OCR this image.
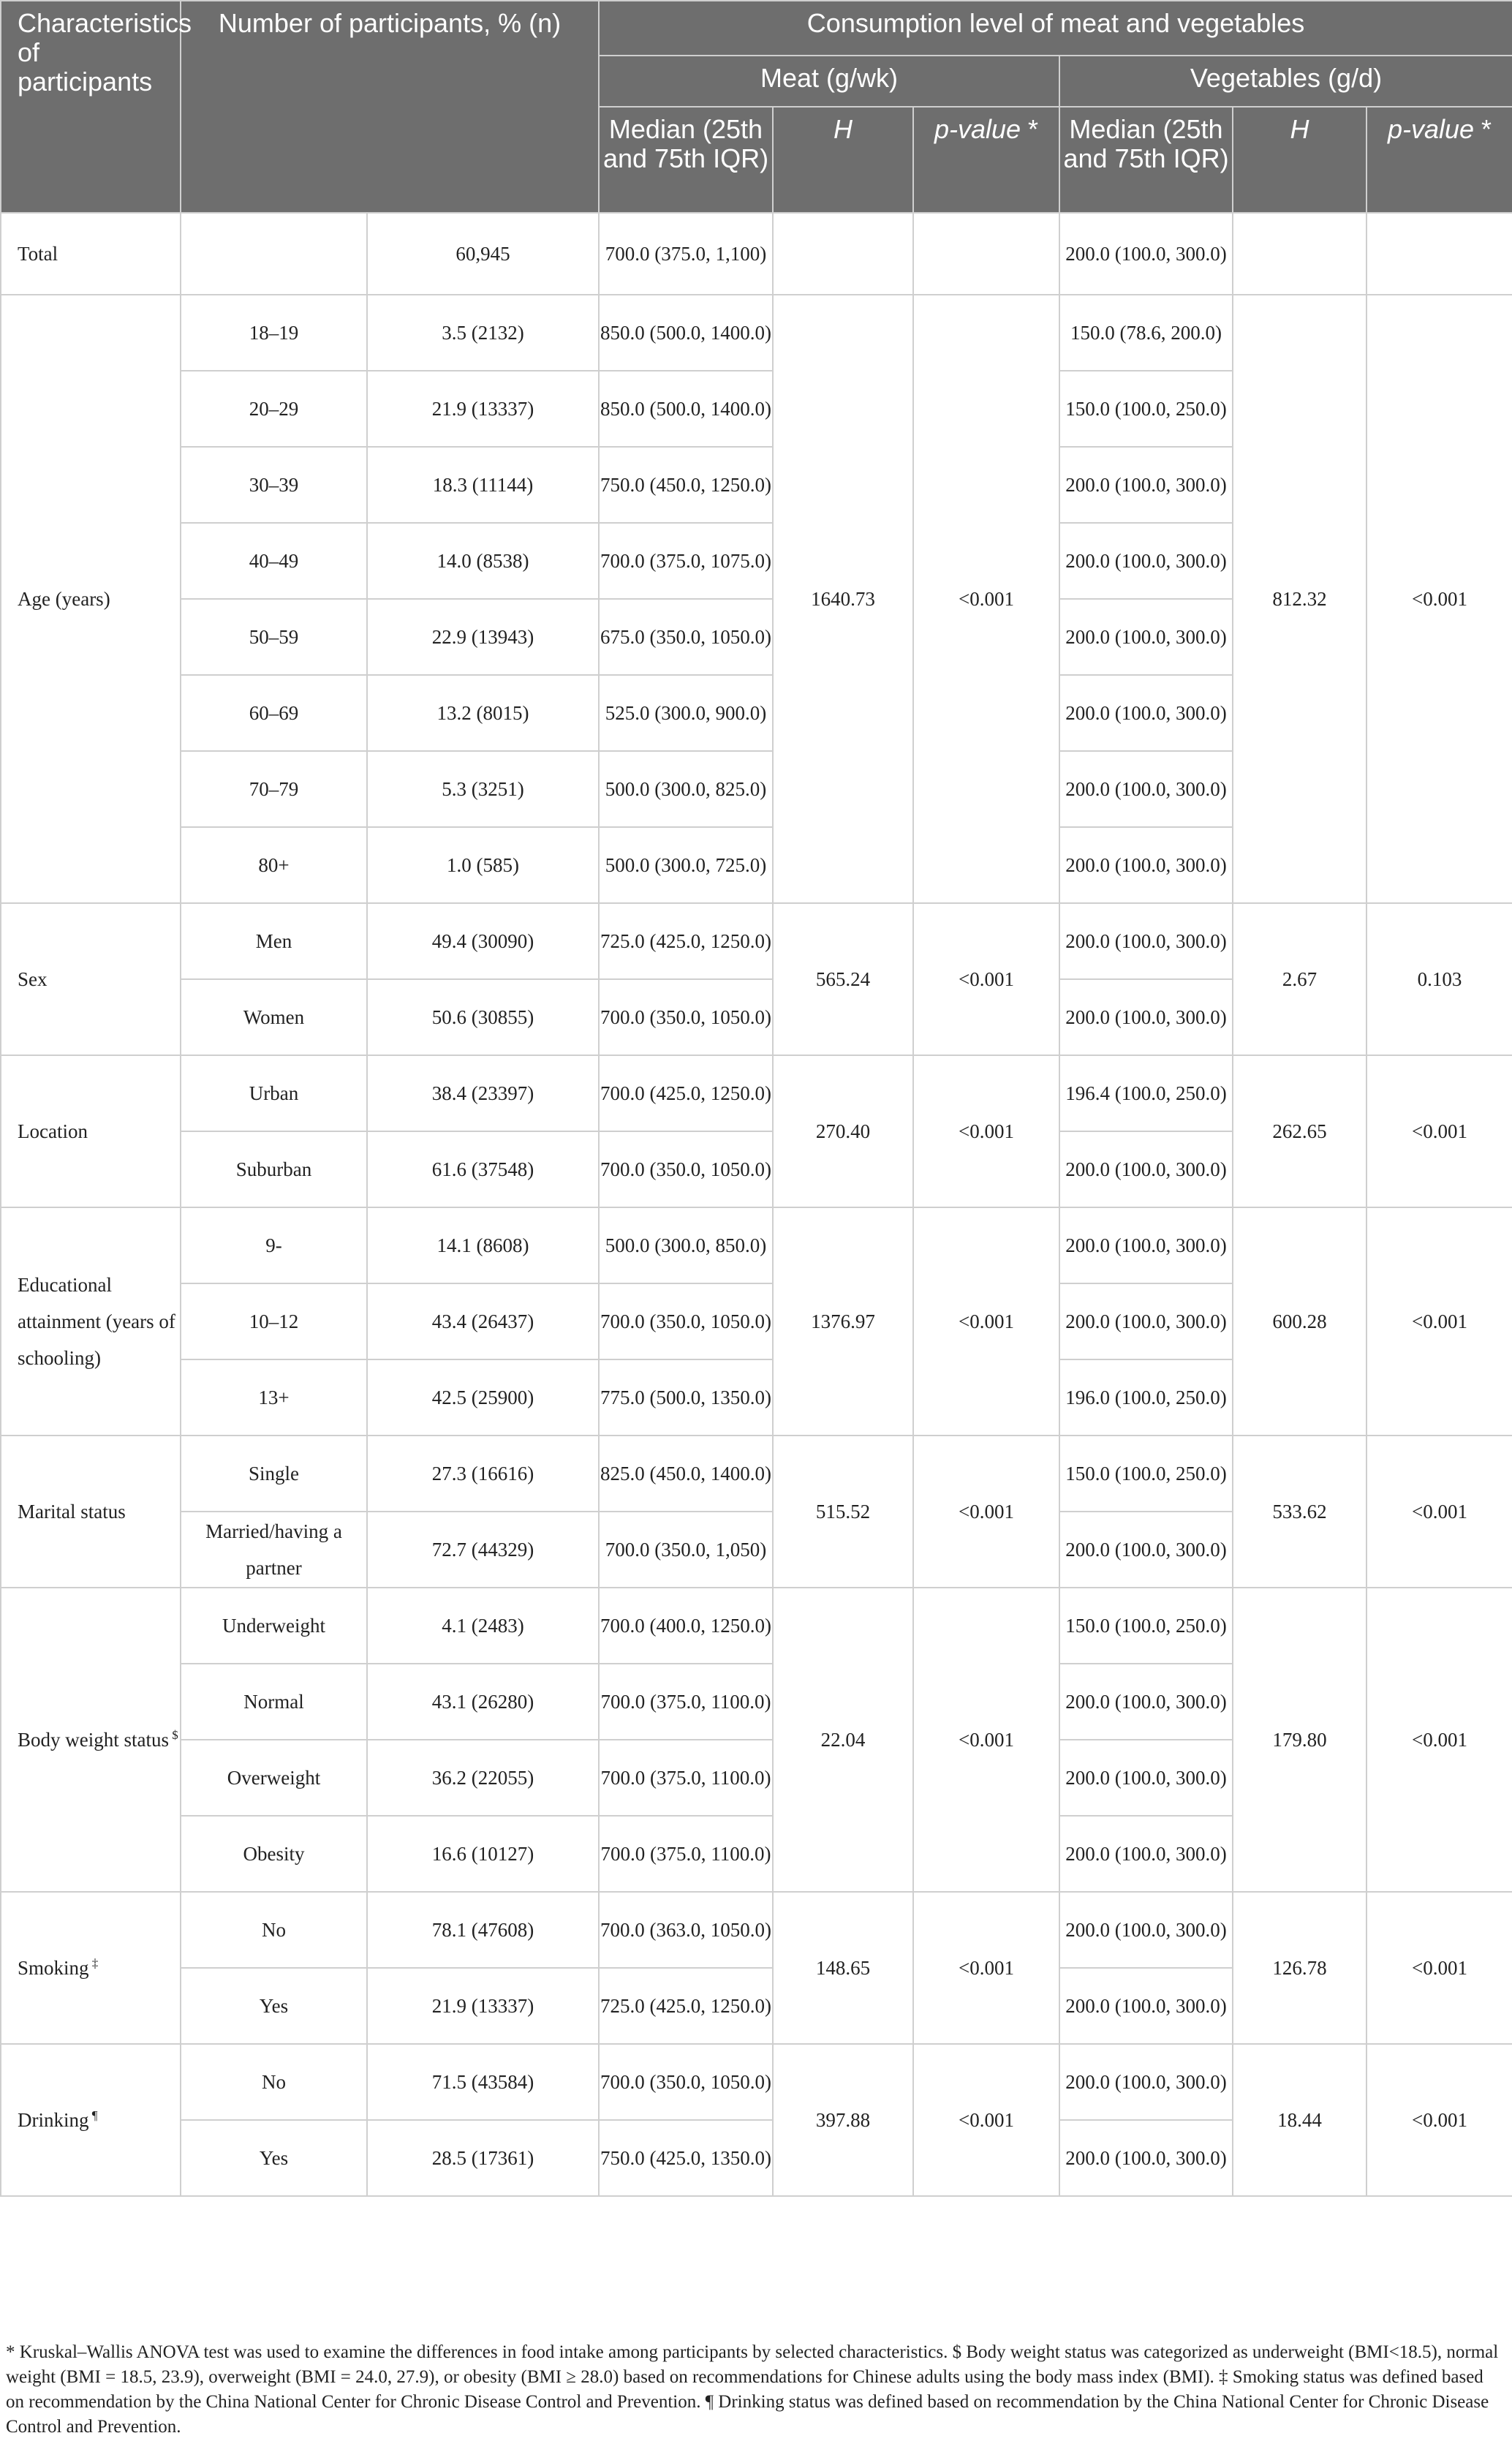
Characteristics of participants	Number of participants, % (n)		Consumption level of meat and vegetables					
			Meat (g/wk)			Vegetables (g/d)		
			Median (25th and 75th IQR)	H	p-value *	Median (25th and 75th IQR)	H	p-value *
Total		60,945	700.0 (375.0, 1,100)			200.0 (100.0, 300.0)		
Age (years)	18–19	3.5 (2132)	850.0 (500.0, 1400.0)	1640.73	<0.001	150.0 (78.6, 200.0)	812.32	<0.001
	20–29	21.9 (13337)	850.0 (500.0, 1400.0)			150.0 (100.0, 250.0)		
	30–39	18.3 (11144)	750.0 (450.0, 1250.0)			200.0 (100.0, 300.0)		
	40–49	14.0 (8538)	700.0 (375.0, 1075.0)			200.0 (100.0, 300.0)		
	50–59	22.9 (13943)	675.0 (350.0, 1050.0)			200.0 (100.0, 300.0)		
	60–69	13.2 (8015)	525.0 (300.0, 900.0)			200.0 (100.0, 300.0)		
	70–79	5.3 (3251)	500.0 (300.0, 825.0)			200.0 (100.0, 300.0)		
	80+	1.0 (585)	500.0 (300.0, 725.0)			200.0 (100.0, 300.0)		
Sex	Men	49.4 (30090)	725.0 (425.0, 1250.0)	565.24	<0.001	200.0 (100.0, 300.0)	2.67	0.103
	Women	50.6 (30855)	700.0 (350.0, 1050.0)			200.0 (100.0, 300.0)		
Location	Urban	38.4 (23397)	700.0 (425.0, 1250.0)	270.40	<0.001	196.4 (100.0, 250.0)	262.65	<0.001
	Suburban	61.6 (37548)	700.0 (350.0, 1050.0)			200.0 (100.0, 300.0)		
Educational attainment (years of schooling)	9-	14.1 (8608)	500.0 (300.0, 850.0)	1376.97	<0.001	200.0 (100.0, 300.0)	600.28	<0.001
	10–12	43.4 (26437)	700.0 (350.0, 1050.0)			200.0 (100.0, 300.0)		
	13+	42.5 (25900)	775.0 (500.0, 1350.0)			196.0 (100.0, 250.0)		
Marital status	Single	27.3 (16616)	825.0 (450.0, 1400.0)	515.52	<0.001	150.0 (100.0, 250.0)	533.62	<0.001
	Married/having a partner	72.7 (44329)	700.0 (350.0, 1,050)			200.0 (100.0, 300.0)		
Body weight status $	Underweight	4.1 (2483)	700.0 (400.0, 1250.0)	22.04	<0.001	150.0 (100.0, 250.0)	179.80	<0.001
	Normal	43.1 (26280)	700.0 (375.0, 1100.0)			200.0 (100.0, 300.0)		
	Overweight	36.2 (22055)	700.0 (375.0, 1100.0)			200.0 (100.0, 300.0)		
	Obesity	16.6 (10127)	700.0 (375.0, 1100.0)			200.0 (100.0, 300.0)		
Smoking ‡	No	78.1 (47608)	700.0 (363.0, 1050.0)	148.65	<0.001	200.0 (100.0, 300.0)	126.78	<0.001
	Yes	21.9 (13337)	725.0 (425.0, 1250.0)			200.0 (100.0, 300.0)		
Drinking ¶	No	71.5 (43584)	700.0 (350.0, 1050.0)	397.88	<0.001	200.0 (100.0, 300.0)	18.44	<0.001
	Yes	28.5 (17361)	750.0 (425.0, 1350.0)			200.0 (100.0, 300.0)		
* Kruskal–Wallis ANOVA test was used to examine the differences in food intake among participants by selected characteristics. $ Body weight status was categorized as underweight (BMI<18.5), normal weight (BMI = 18.5, 23.9), overweight (BMI = 24.0, 27.9), or obesity (BMI ≥ 28.0) based on recommendations for Chinese adults using the body mass index (BMI). ‡ Smoking status was defined based on recommendation by the China National Center for Chronic Disease Control and Prevention. ¶ Drinking status was defined based on recommendation by the China National Center for Chronic Disease Control and Prevention.
